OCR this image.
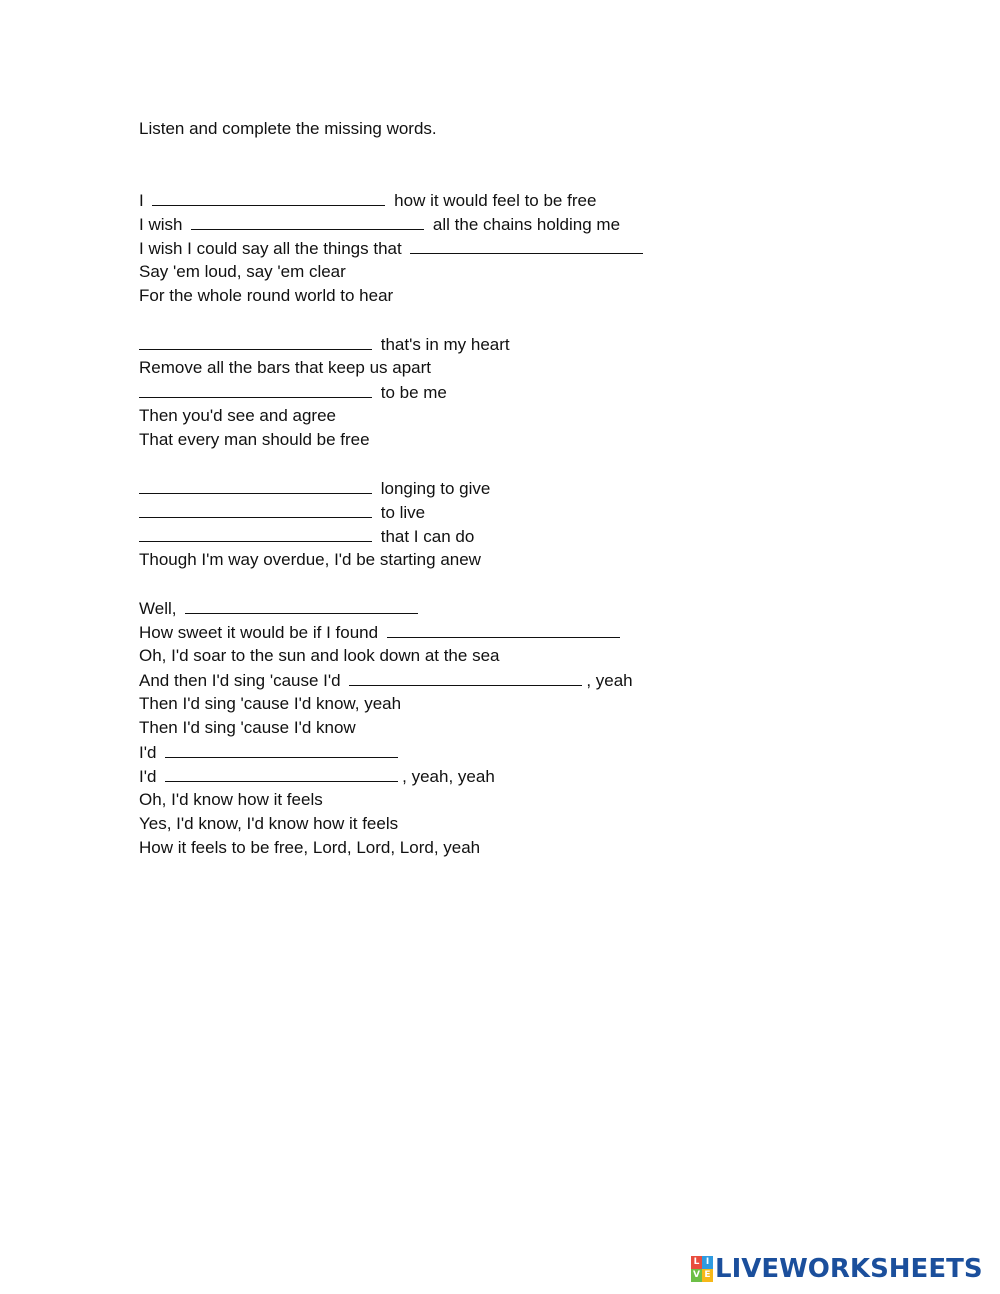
Listen and complete the missing words.
I	how it would feel to be free
I wish	all the chains holding me
I wish I could say all the things that
Say 'em loud, say 'em clear
For the whole round world to hear
that's in my heart
Remove all the bars that keep us apart
to be me
Then you'd see and agree
That every man should be free
longing to give
to live
that I can do
Though I'm way overdue, I'd be starting anew
Well,
How sweet it would be if I found
Oh, I'd soar to the sun and look down at the sea
And then I'd sing 'cause I'd	, yeah
Then I'd sing 'cause I'd know, yeah
Then I'd sing 'cause I'd know
I'd
I'd	, yeah, yeah
Oh, I'd know how it feels
Yes, I'd know, I'd know how it feels
How it feels to be free, Lord, Lord, Lord, yeah
L I
V E LIVEWORKSHEETS
